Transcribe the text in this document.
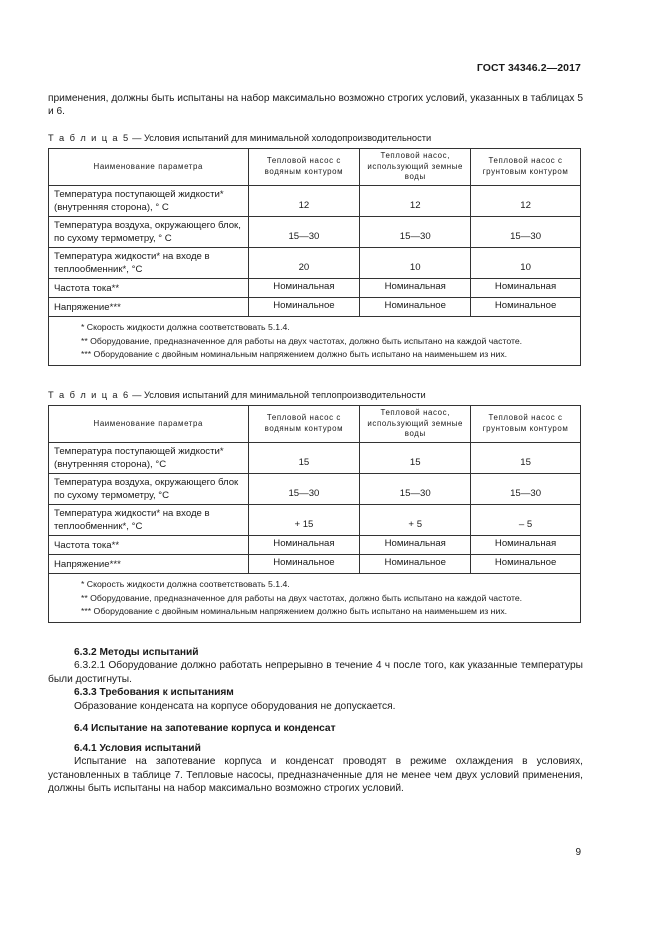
ГОСТ 34346.2—2017

применения, должны быть испытаны на набор максимально возможно строгих условий, указанных в таблицах 5 и 6.

Т а б л и ц а 5 — Условия испытаний для минимальной холодопроизводительности
Наименование параметра	Тепловой насос с водяным контуром	Тепловой насос, использующий земные воды	Тепловой насос с грунтовым контуром
Температура поступающей жидкости* (внутренняя сторона), ° С	12	12	12
Температура воздуха, окружающего блок, по сухому термометру, ° С	15—30	15—30	15—30
Температура жидкости* на входе в теплообменник*, °С	20	10	10
Частота тока**	Номинальная	Номинальная	Номинальная
Напряжение***	Номинальное	Номинальное	Номинальное

* Скорость жидкости должна соответствовать 5.1.4.

** Оборудование, предназначенное для работы на двух частотах, должно быть испытано на каждой частоте.

*** Оборудование с двойным номинальным напряжением должно быть испытано на наименьшем из них.			

Т а б л и ц а 6 — Условия испытаний для минимальной теплопроизводительности
Наименование параметра	Тепловой насос с водяным контуром	Тепловой насос, использующий земные воды	Тепловой насос с грунтовым контуром
Температура поступающей жидкости* (внутренняя сторона), °С	15	15	15
Температура воздуха, окружающего блок по сухому термометру, °С	15—30	15—30	15—30
Температура жидкости* на входе в теплообменник*, °С	+ 15	+ 5	– 5
Частота тока**	Номинальная	Номинальная	Номинальная
Напряжение***	Номинальное	Номинальное	Номинальное

* Скорость жидкости должна соответствовать 5.1.4.

** Оборудование, предназначенное для работы на двух частотах, должно быть испытано на каждой частоте.

*** Оборудование с двойным номинальным напряжением должно быть испытано на наименьшем из них.			

6.3.2 Методы испытаний

6.3.2.1 Оборудование должно работать непрерывно в течение 4 ч после того, как указанные температуры были достигнуты.

6.3.3 Требования к испытаниям

Образование конденсата на корпусе оборудования не допускается.

6.4 Испытание на запотевание корпуса и конденсат

6.4.1 Условия испытаний

Испытание на запотевание корпуса и конденсат проводят в режиме охлаждения в условиях, установленных в таблице 7. Тепловые насосы, предназначенные для не менее чем двух условий применения, должны быть испытаны на набор максимально возможно строгих условий.

9
